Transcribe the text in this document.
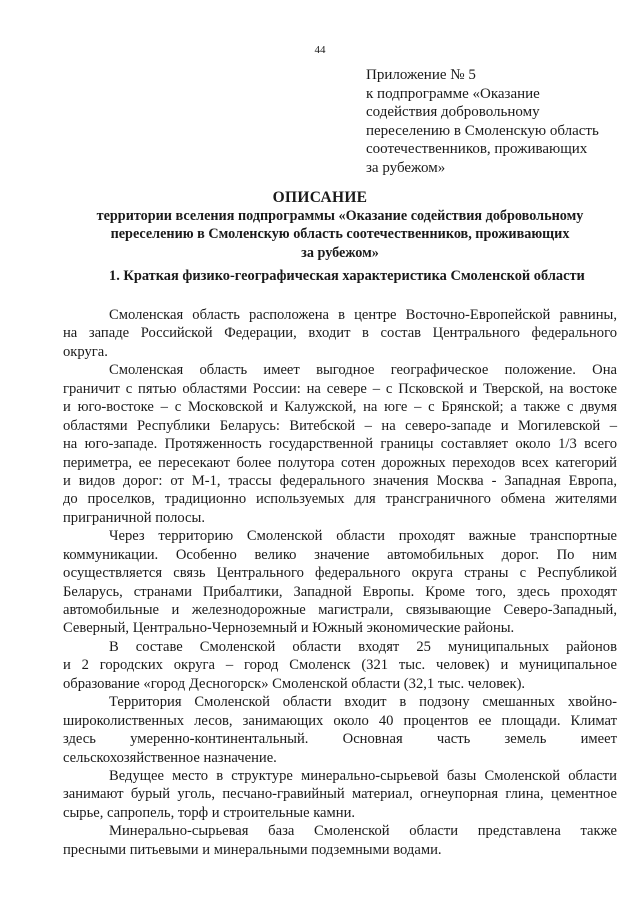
44
Приложение № 5
к подпрограмме «Оказание
содействия добровольному
переселению в Смоленскую область
соотечественников, проживающих
за рубежом»
ОПИСАНИЕ
территории вселения подпрограммы «Оказание содействия добровольному
переселению в Смоленскую область соотечественников, проживающих
за рубежом»
1. Краткая физико-географическая характеристика Смоленской области
Смоленская область расположена в центре Восточно-Европейской равнины,
на западе Российской Федерации, входит в состав Центрального федерального
округа.
Смоленская область имеет выгодное географическое положение. Она
граничит с пятью областями России: на севере – с Псковской и Тверской, на востоке
и юго-востоке – с Московской и Калужской, на юге – с Брянской; а также с двумя
областями Республики Беларусь: Витебской – на северо-западе и Могилевской –
на юго-западе. Протяженность государственной границы составляет около 1/3 всего
периметра, ее пересекают более полутора сотен дорожных переходов всех категорий
и видов дорог: от М-1, трассы федерального значения Москва - Западная Европа,
до проселков, традиционно используемых для трансграничного обмена жителями
приграничной полосы.
Через территорию Смоленской области проходят важные транспортные
коммуникации. Особенно велико значение автомобильных дорог. По ним
осуществляется связь Центрального федерального округа страны с Республикой
Беларусь, странами Прибалтики, Западной Европы. Кроме того, здесь проходят
автомобильные и железнодорожные магистрали, связывающие Северо-Западный,
Северный, Центрально-Черноземный и Южный экономические районы.
В составе Смоленской области входят 25 муниципальных районов
и 2 городских округа – город Смоленск (321 тыс. человек) и муниципальное
образование «город Десногорск» Смоленской области (32,1 тыс. человек).
Территория Смоленской области входит в подзону смешанных хвойно-
широколиственных лесов, занимающих около 40 процентов ее площади. Климат
здесь умеренно-континентальный. Основная часть земель имеет
сельскохозяйственное назначение.
Ведущее место в структуре минерально-сырьевой базы Смоленской области
занимают бурый уголь, песчано-гравийный материал, огнеупорная глина, цементное
сырье, сапропель, торф и строительные камни.
Минерально-сырьевая база Смоленской области представлена также
пресными питьевыми и минеральными подземными водами.
